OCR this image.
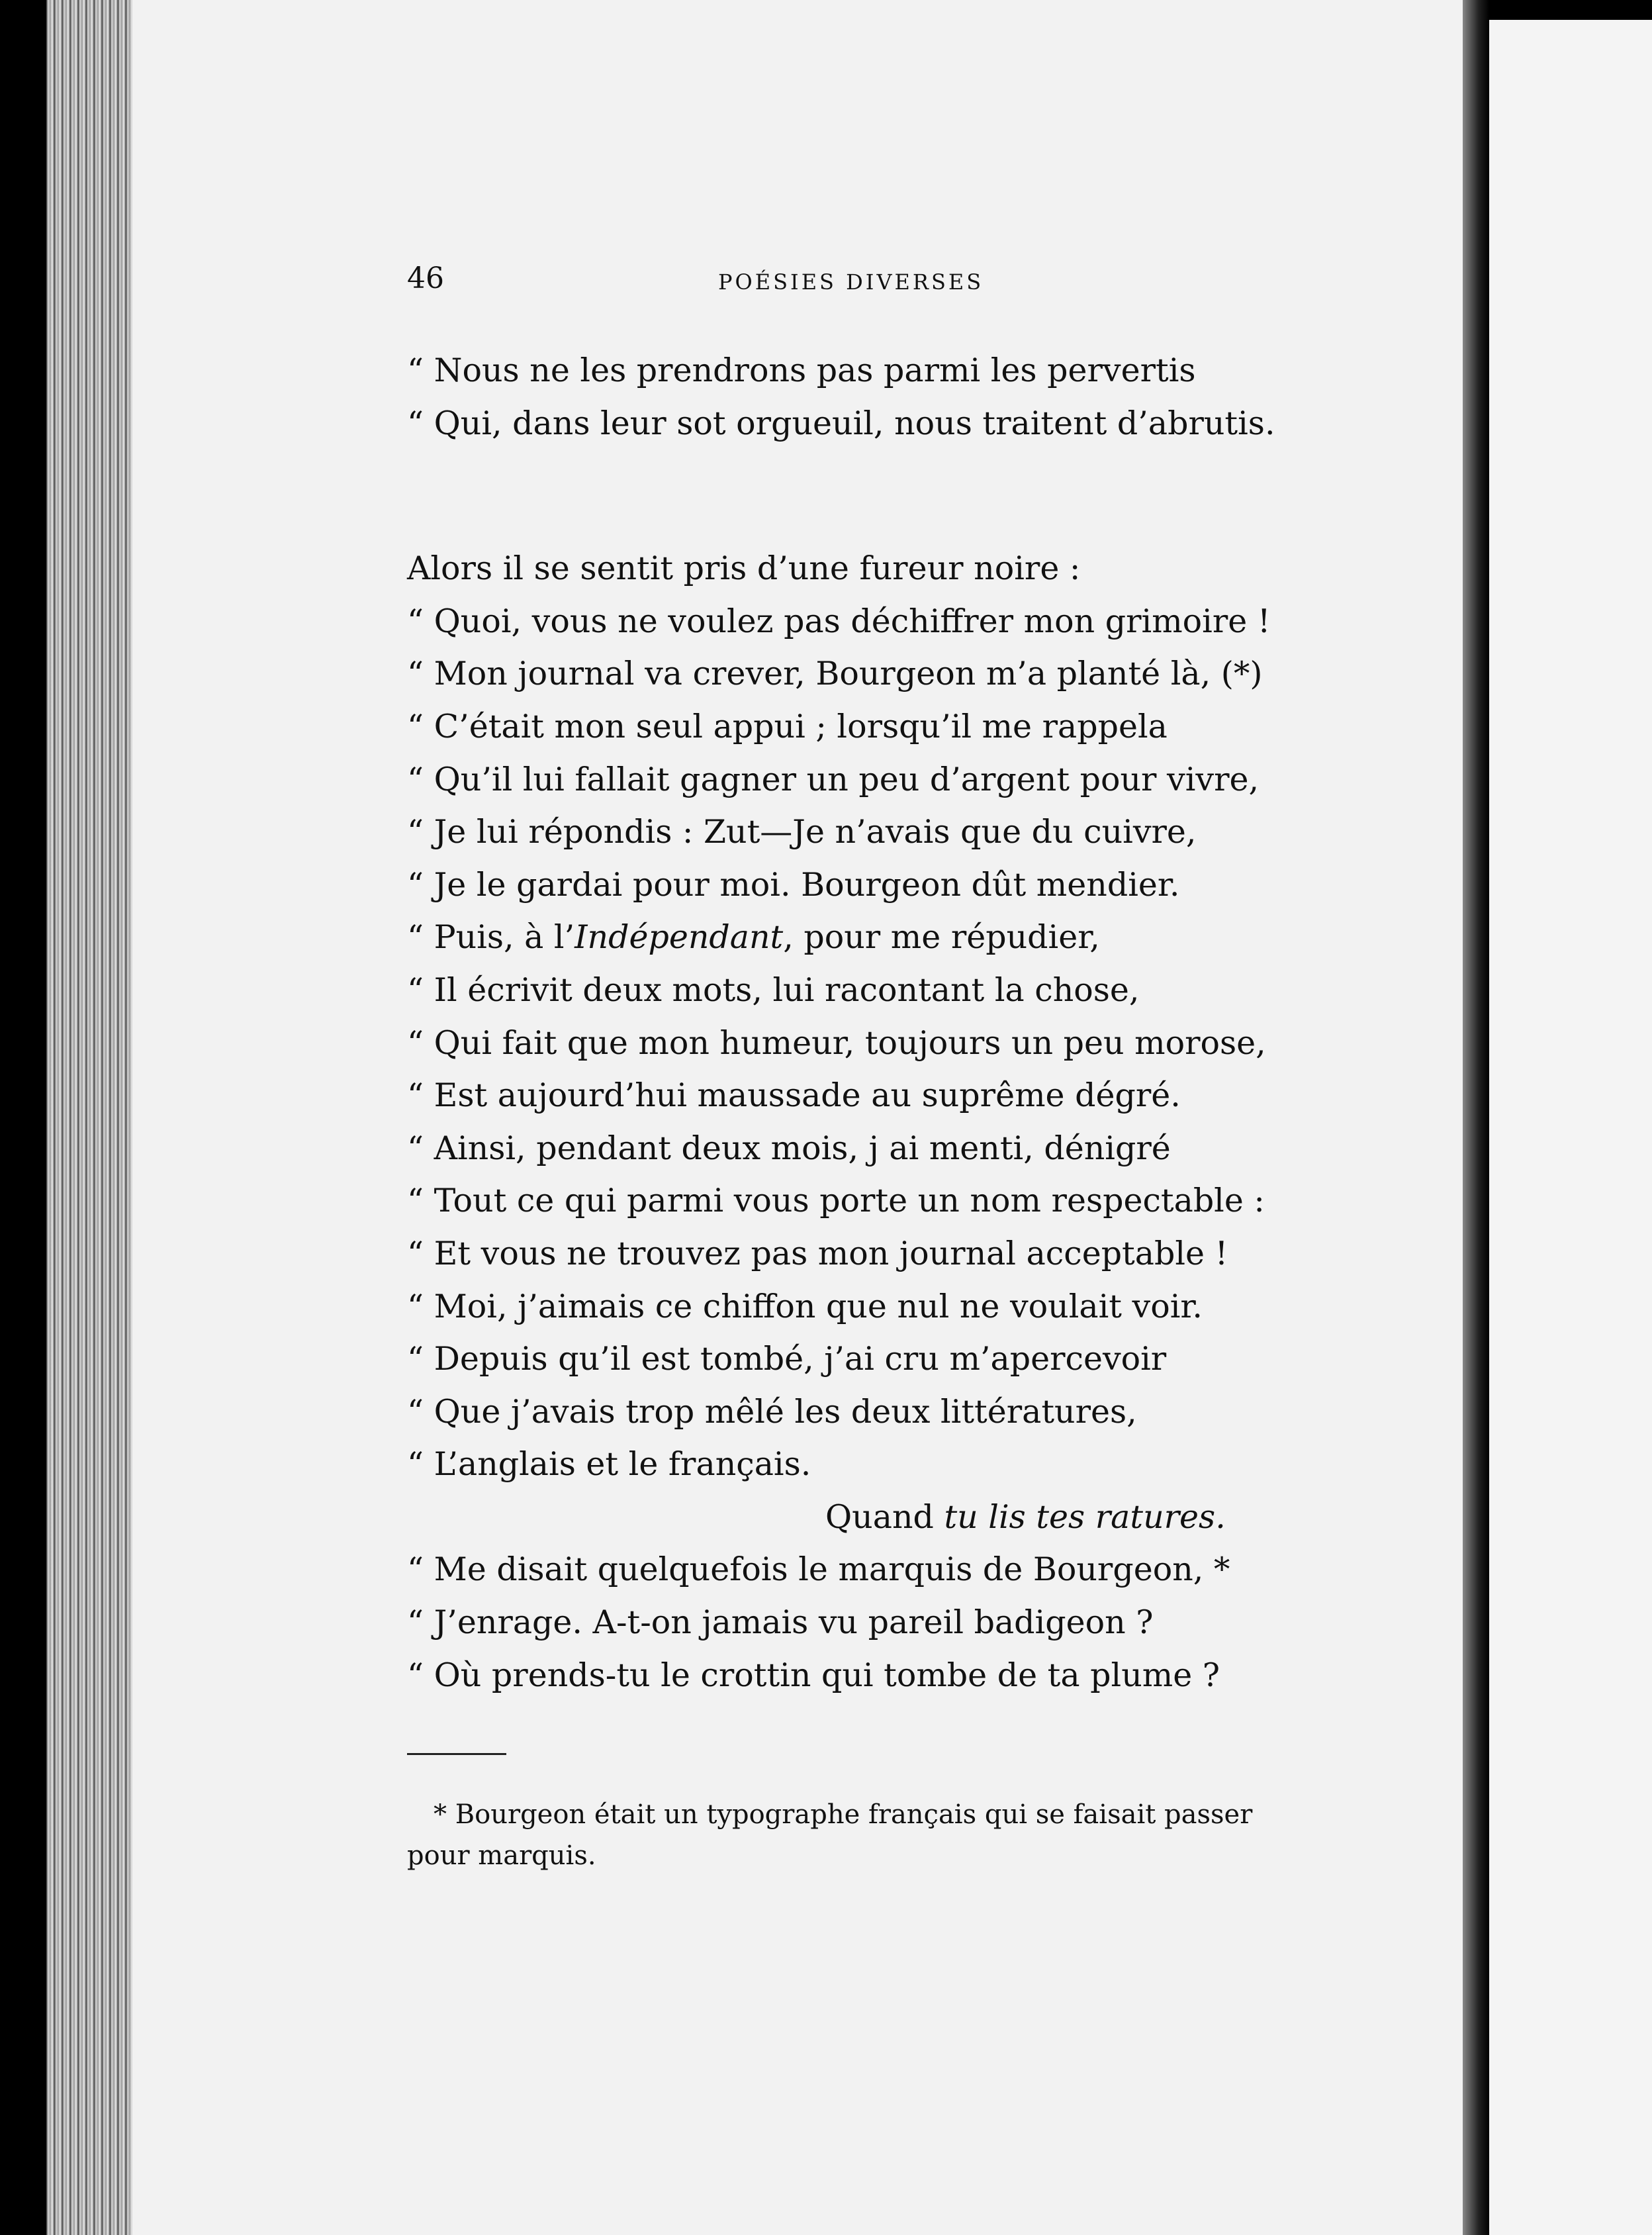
46	POÉSIES DIVERSES
“ Nous ne les prendrons pas parmi les pervertis
“ Qui, dans leur sot orgueuil, nous traitent d’abrutis.
Alors il se sentit pris d’une fureur noire :
“ Quoi, vous ne voulez pas déchiffrer mon grimoire !
“ Mon journal va crever, Bourgeon m’a planté là, (*)
“ C’était mon seul appui ; lorsqu’il me rappela
“ Qu’il lui fallait gagner un peu d’argent pour vivre,
“ Je lui répondis : Zut—Je n’avais que du cuivre,
“ Je le gardai pour moi. Bourgeon dût mendier.
“ Puis, à l’Indépendant, pour me répudier,
“ Il écrivit deux mots, lui racontant la chose,
“ Qui fait que mon humeur, toujours un peu morose,
“ Est aujourd’hui maussade au suprême dégré.
“ Ainsi, pendant deux mois, j ai menti, dénigré
“ Tout ce qui parmi vous porte un nom respectable :
“ Et vous ne trouvez pas mon journal acceptable !
“ Moi, j’aimais ce chiffon que nul ne voulait voir.
“ Depuis qu’il est tombé, j’ai cru m’apercevoir
“ Que j’avais trop mêlé les deux littératures,
“ L’anglais et le français.
Quand tu lis tes ratures.
“ Me disait quelquefois le marquis de Bourgeon, *
“ J’enrage. A-t-on jamais vu pareil badigeon ?
“ Où prends-tu le crottin qui tombe de ta plume ?
* Bourgeon était un typographe français qui se faisait passer pour marquis.
